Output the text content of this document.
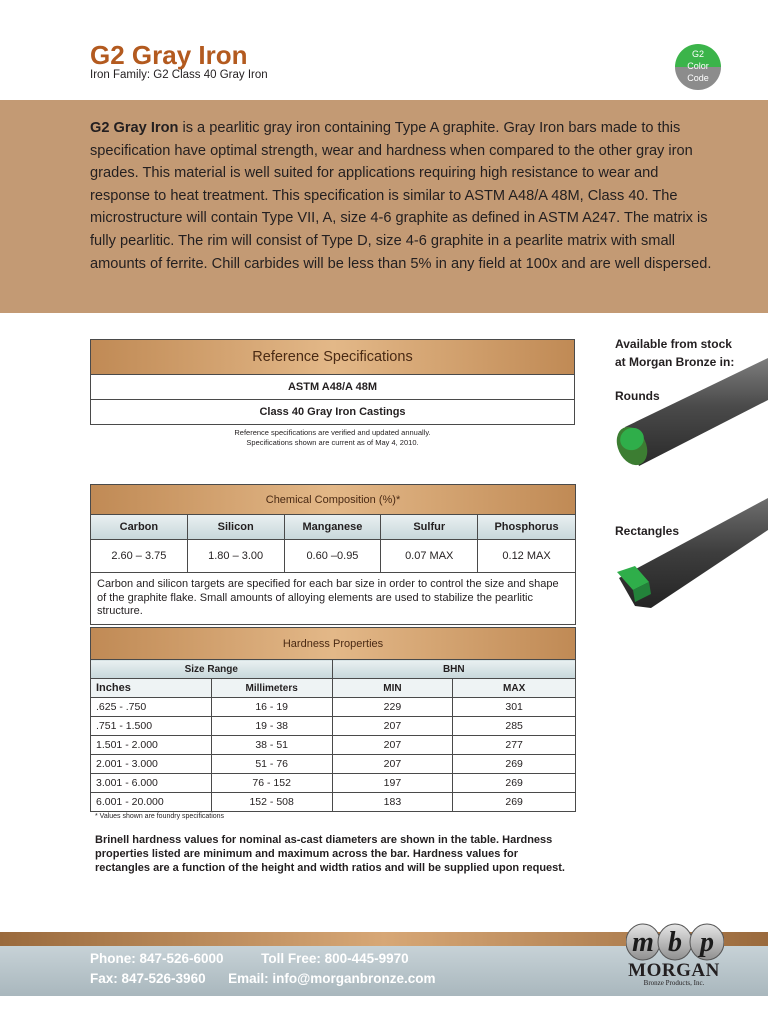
G2 Gray Iron
Iron Family: G2 Class 40 Gray Iron
G2
Color
Code

G2 Gray Iron is a pearlitic gray iron containing Type A graphite. Gray Iron bars made to this specification have optimal strength, wear and hardness when compared to the other gray iron grades. This material is well suited for applications requiring high resistance to wear and response to heat treatment. This specification is similar to ASTM A48/A 48M, Class 40. The microstructure will contain Type VII, A, size 4-6 graphite as defined in ASTM A247. The matrix is fully pearlitic. The rim will consist of Type D, size 4-6 graphite in a pearlite matrix with small amounts of ferrite. Chill carbides will be less than 5% in any field at 100x and are well dispersed.

Reference Specifications
ASTM A48/A 48M
Class 40 Gray Iron Castings
Reference specifications are verified and updated annually.
Specifications shown are current as of May 4, 2010.
Chemical Composition (%)*				
Carbon	Silicon	Manganese	Sulfur	Phosphorus
2.60 – 3.75	1.80 – 3.00	0.60 –0.95	0.07 MAX	0.12 MAX
Carbon and silicon targets are specified for each bar size in order to control the size and shape of the graphite flake. Small amounts of alloying elements are used to stabilize the pearlitic structure.				
Hardness Properties			
Size Range		BHN	
Inches	Millimeters	MIN	MAX
.625 - .750	16 - 19	229	301
.751 - 1.500	19 - 38	207	285
1.501 - 2.000	38 - 51	207	277
2.001 - 3.000	51 - 76	207	269
3.001 - 6.000	76 - 152	197	269
6.001 - 20.000	152 - 508	183	269
* Values shown are foundry specifications
Brinell hardness values for nominal as-cast diameters are shown in the table. Hardness properties listed are minimum and maximum across the bar. Hardness values for rectangles are a function of the height and width ratios and will be supplied upon request.
Available from stock
at Morgan Bronze in:
Rounds
Rectangles
Phone: 847-526-6000	Toll Free: 800-445-9970
Fax: 847-526-3960 Email: info@morganbronze.com
m b p
MORGAN
Bronze Products, Inc.
